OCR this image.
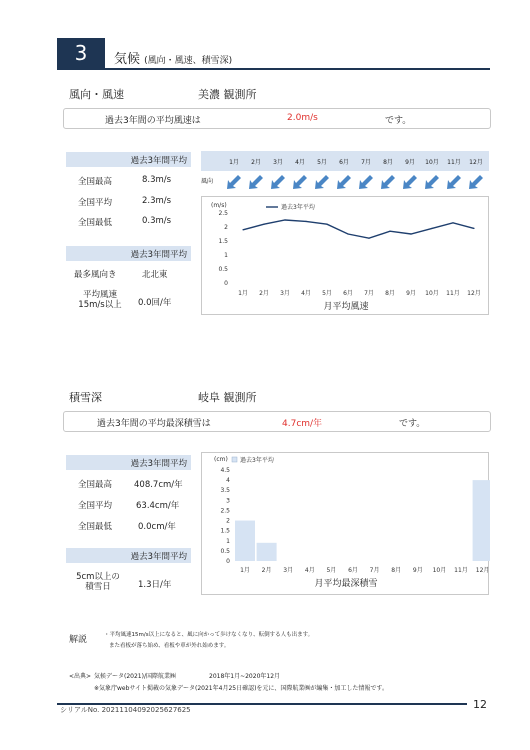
3	気候 (風向・風速、積雪深)
風向・風速	美濃 観測所
過去3年間の平均風速は	2.0m/s	です。
過去3年間平均
全国最高	8.3m/s
全国平均	2.3m/s
全国最低	0.3m/s
過去3年間平均
最多風向き	北北東
平均風速
15m/s以上	0.0回/年
1月	2月	3月	4月	5月	6月	7月	8月	9月	10月	11月	12月
風向
(m/s)
0
0.5
1
1.5
2
2.5
1月 2月 3月 4月 5月 6月 7月 8月 9月 10月 11月 12月
過去3年平均
月平均風速
積雪深	岐阜 観測所
過去3年間の平均最深積雪は	4.7cm/年	です。
過去3年間平均
全国最高	408.7cm/年
全国平均	63.4cm/年
全国最低	0.0cm/年
過去3年間平均
5cm以上の
積雪日	1.3日/年
(cm)
0
0.5
1
1.5
2
2.5
3
3.5
4
4.5
過去3年平均
1月 2月 3月 4月 5月 6月 7月 8月 9月 10月 11月 12月
月平均最深積雪
解説	・平均風速15m/s以上になると、風に向かって歩けなくなり、転倒する人も出ます。
また看板が落ち始め、看板や車が外れ始めます。
<出典> 気候データ(2021)/国際航業㈱	2018年1月~2020年12月
※気象庁webサイト掲載の気象データ(2021年4月25日確認)を元に、国際航業㈱が編集・加工した情報です。
シリアルNo. 20211104092025627625	12
